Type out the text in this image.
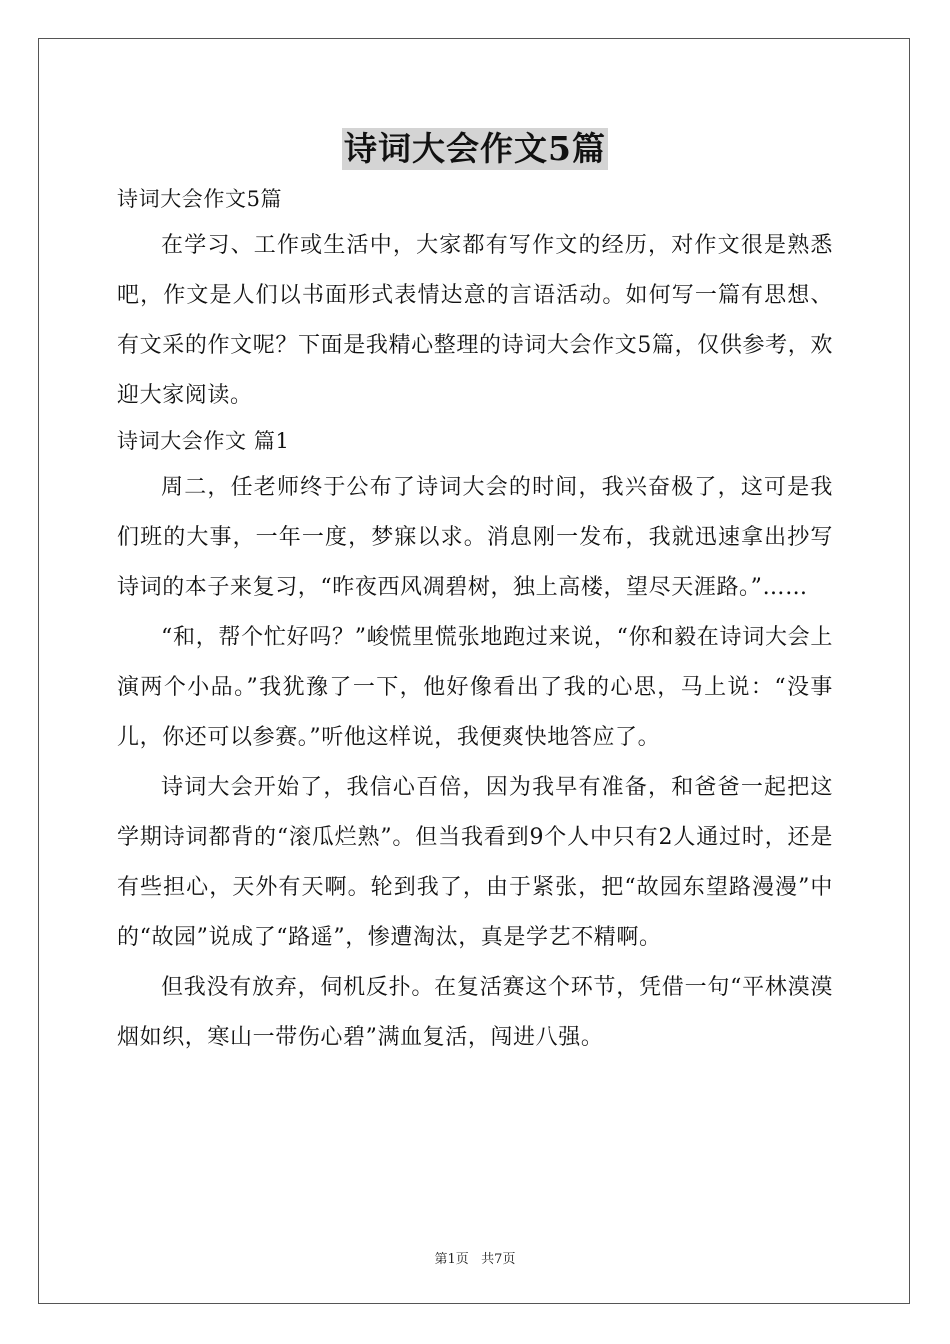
诗词大会作文5篇

诗词大会作文5篇

在学习、工作或生活中，大家都有写作文的经历，对作文很是熟悉吧，作文是人们以书面形式表情达意的言语活动。如何写一篇有思想、有文采的作文呢？下面是我精心整理的诗词大会作文5篇，仅供参考，欢迎大家阅读。

诗词大会作文 篇1

周二，任老师终于公布了诗词大会的时间，我兴奋极了，这可是我们班的大事，一年一度，梦寐以求。消息刚一发布，我就迅速拿出抄写诗词的本子来复习，“昨夜西风凋碧树，独上高楼，望尽天涯路。”……

“和，帮个忙好吗？”峻慌里慌张地跑过来说，“你和毅在诗词大会上演两个小品。”我犹豫了一下，他好像看出了我的心思，马上说：“没事儿，你还可以参赛。”听他这样说，我便爽快地答应了。

诗词大会开始了，我信心百倍，因为我早有准备，和爸爸一起把这学期诗词都背的“滚瓜烂熟”。但当我看到9个人中只有2人通过时，还是有些担心，天外有天啊。轮到我了，由于紧张，把“故园东望路漫漫”中的“故园”说成了“路遥”，惨遭淘汰，真是学艺不精啊。

但我没有放弃，伺机反扑。在复活赛这个环节，凭借一句“平林漠漠烟如织，寒山一带伤心碧”满血复活，闯进八强。

第1页   共7页
